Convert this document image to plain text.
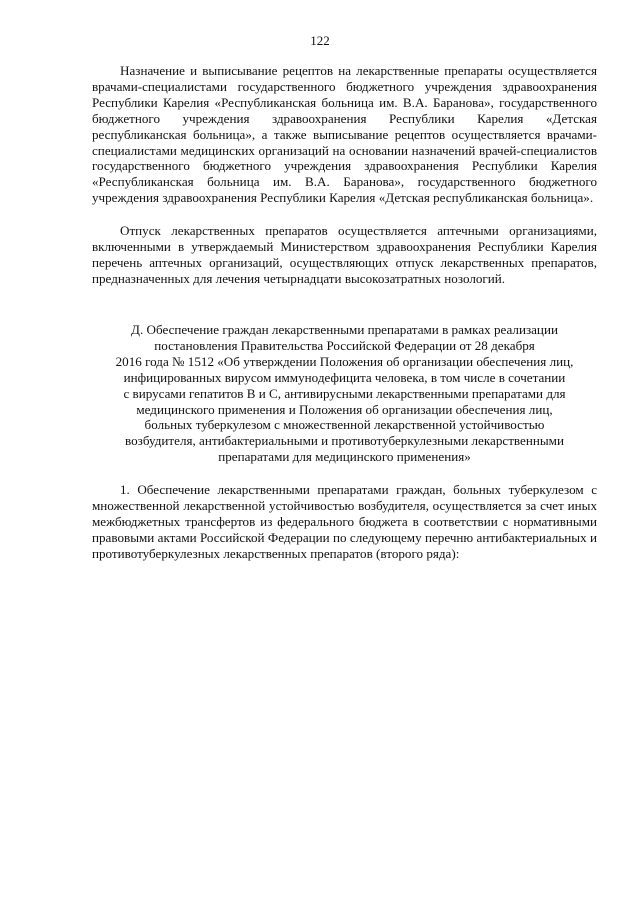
122

Назначение и выписывание рецептов на лекарственные препараты осуществляется врачами-специалистами государственного бюджетного учреждения здравоохранения Республики Карелия «Республиканская больница им. В.А. Баранова», государственного бюджетного учреждения здравоохранения Республики Карелия «Детская республиканская больница», а также выписывание рецептов осуществляется врачами-специалистами медицинских организаций на основании назначений врачей-специалистов государственного бюджетного учреждения здравоохранения Республики Карелия «Республиканская больница им. В.А. Баранова», государственного бюджетного учреждения здравоохранения Республики Карелия «Детская республиканская больница».

Отпуск лекарственных препаратов осуществляется аптечными организациями, включенными в утверждаемый Министерством здравоохранения Республики Карелия перечень аптечных организаций, осуществляющих отпуск лекарственных препаратов, предназначенных для лечения четырнадцати высокозатратных нозологий.

Д. Обеспечение граждан лекарственными препаратами в рамках реализации
постановления Правительства Российской Федерации от 28 декабря
2016 года № 1512 «Об утверждении Положения об организации обеспечения лиц,
инфицированных вирусом иммунодефицита человека, в том числе в сочетании
с вирусами гепатитов B и C, антивирусными лекарственными препаратами для
медицинского применения и Положения об организации обеспечения лиц,
больных туберкулезом с множественной лекарственной устойчивостью
возбудителя, антибактериальными и противотуберкулезными лекарственными
препаратами для медицинского применения»

1. Обеспечение лекарственными препаратами граждан, больных туберкулезом с множественной лекарственной устойчивостью возбудителя, осуществляется за счет иных межбюджетных трансфертов из федерального бюджета в соответствии с нормативными правовыми актами Российской Федерации по следующему перечню антибактериальных и противотуберкулезных лекарственных препаратов (второго ряда):
